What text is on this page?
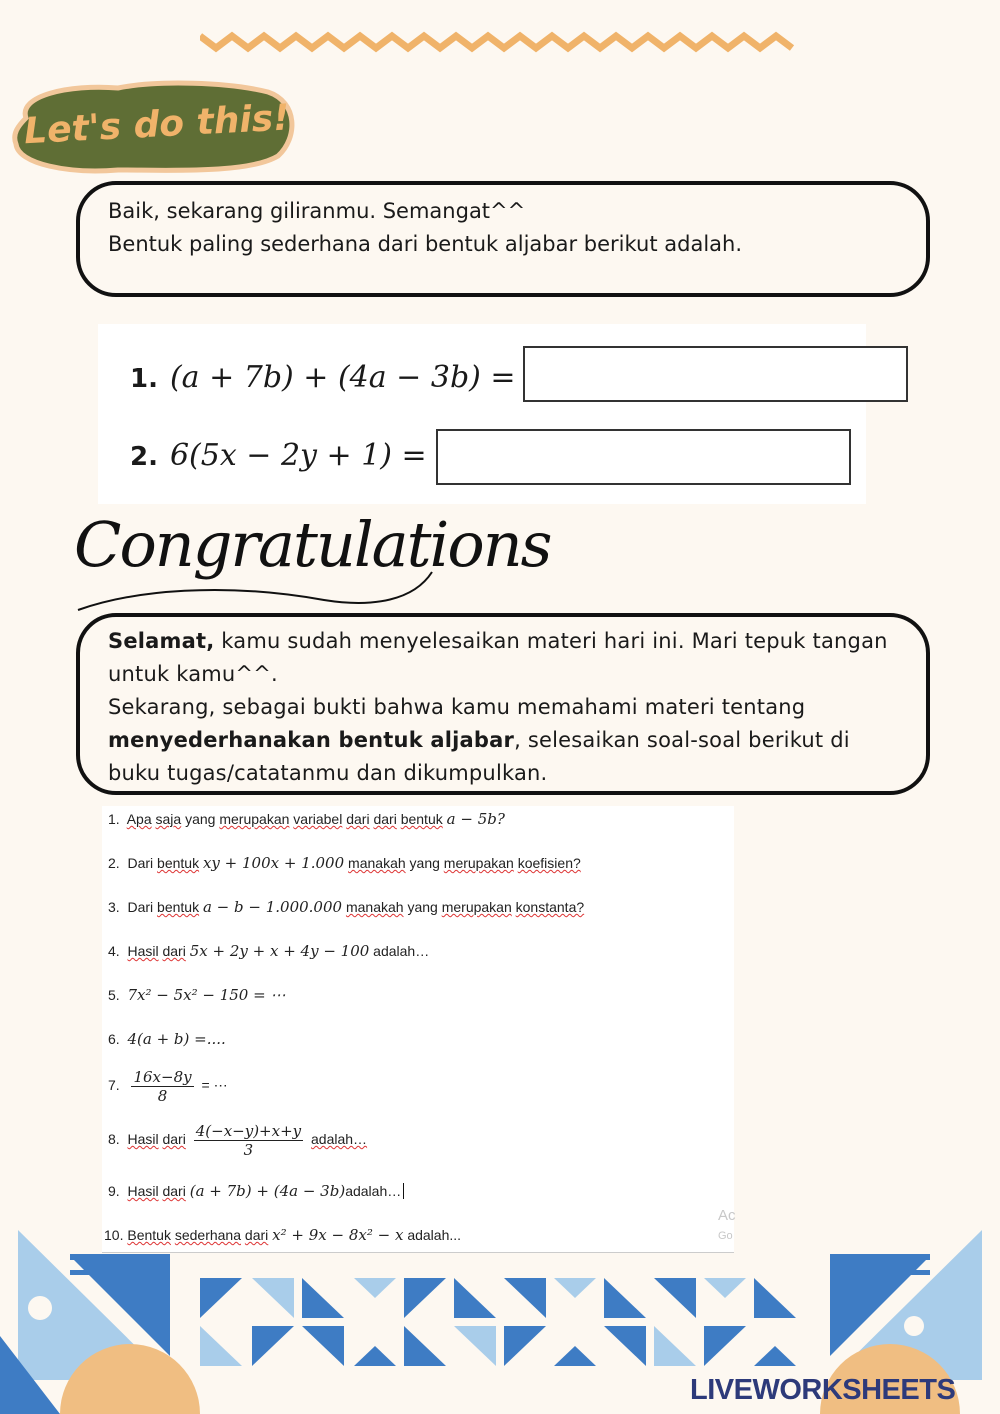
Let's do this!

Baik, sekarang giliranmu. Semangat^^

Bentuk paling sederhana dari bentuk aljabar berikut adalah.

1. (a + 7b) + (4a − 3b) =
2. 6(5x − 2y + 1) =
Congratulations

Selamat, kamu sudah menyelesaikan materi hari ini. Mari tepuk tangan untuk kamu^^.

Sekarang, sebagai bukti bahwa kamu memahami materi tentang menyederhanakan bentuk aljabar, selesaikan soal-soal berikut di buku tugas/catatanmu dan dikumpulkan.

1. Apa saja yang merupakan variabel dari dari bentuk a − 5b?
2. Dari bentuk xy + 100x + 1.000 manakah yang merupakan koefisien?
3. Dari bentuk a − b − 1.000.000 manakah yang merupakan konstanta?
4. Hasil dari 5x + 2y + x + 4y − 100 adalah…
5. 7x² − 5x² − 150 = ⋯
6. 4(a + b) =....
7. $\frac{16x-8y}{8}$ = ⋯
8. Hasil dari $\frac{4(-x-y)+x+y}{3}$ adalah…
9. Hasil dari (a + 7b) + (4a − 3b)adalah…
10. Bentuk sederhana dari x² + 9x − 8x² − x adalah...
Ac
Go
LIVEWORKSHEETS
